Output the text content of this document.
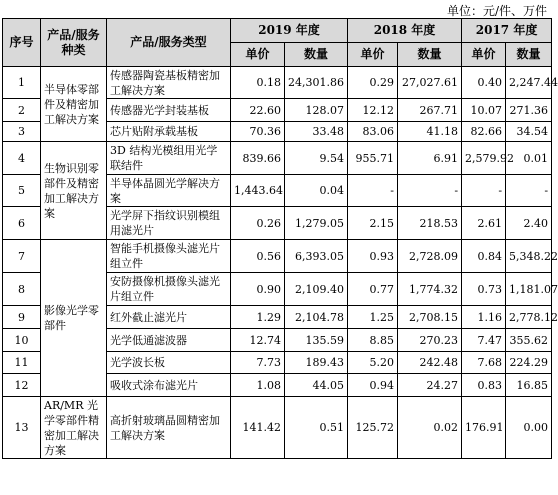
单位：元/件、万件
序号	产品/服务种类	产品/服务类型	2019 年度		2018 年度		2017 年度	
			单价	数量	单价	数量	单价	数量
1	半导体零部件及精密加工解决方案	传感器陶瓷基板精密加工解决方案	0.18	24,301.86	0.29	27,027.61	0.40	2,247.44
2		传感器光学封装基板	22.60	128.07	12.12	267.71	10.07	271.36
3		芯片贴附承载基板	70.36	33.48	83.06	41.18	82.66	34.54
4	生物识别零部件及精密加工解决方案	3D 结构光模组用光学联结件	839.66	9.54	955.71	6.91	2,579.92	0.01
5		半导体晶圆光学解决方案	1,443.64	0.04	-	-	-	-
6		光学屏下指纹识别模组用滤光片	0.26	1,279.05	2.15	218.53	2.61	2.40
7	影像光学零部件	智能手机摄像头滤光片组立件	0.56	6,393.05	0.93	2,728.09	0.84	5,348.22
8		安防摄像机摄像头滤光片组立件	0.90	2,109.40	0.77	1,774.32	0.73	1,181.07
9		红外截止滤光片	1.29	2,104.78	1.25	2,708.15	1.16	2,778.12
10		光学低通滤波器	12.74	135.59	8.85	270.23	7.47	355.62
11		光学波长板	7.73	189.43	5.20	242.48	7.68	224.29
12		吸收式涂布滤光片	1.08	44.05	0.94	24.27	0.83	16.85
13	AR/MR 光学零部件精密加工解决方案	高折射玻璃晶圆精密加工解决方案	141.42	0.51	125.72	0.02	176.91	0.00
